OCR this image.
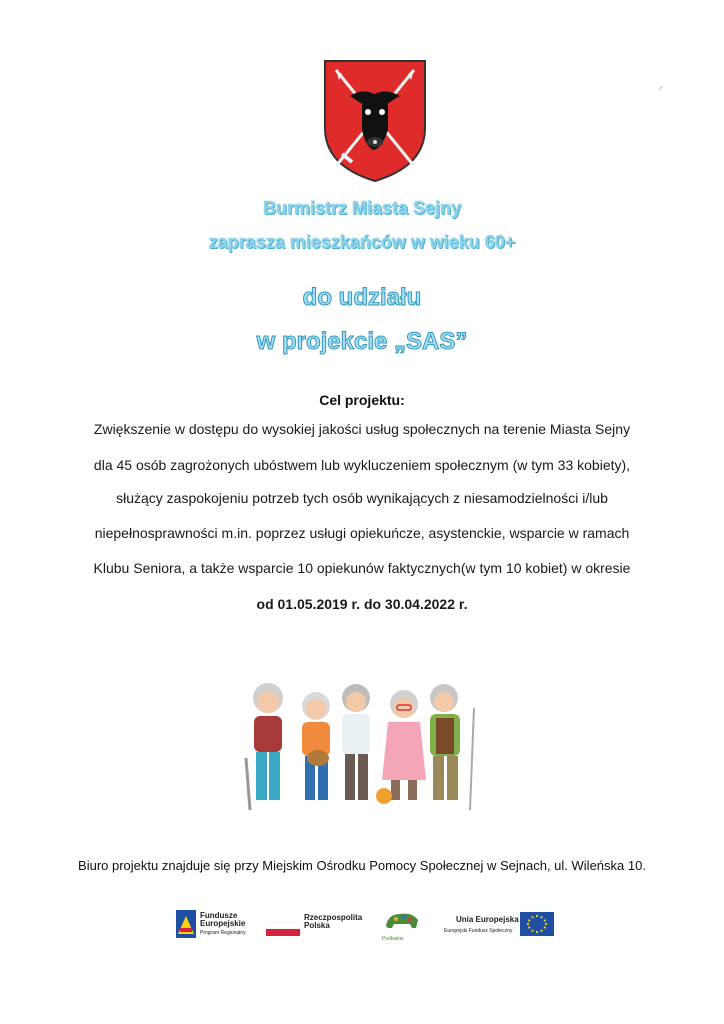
⸝
Burmistrz Miasta Sejny
zaprasza mieszkańców w wieku 60+
do udziału
w projekcie „SAS”
Cel projektu:
Zwiększenie w dostępu do wysokiej jakości usług społecznych na terenie Miasta Sejny
dla 45 osób zagrożonych ubóstwem lub wykluczeniem społecznym (w tym 33 kobiety),
służący zaspokojeniu potrzeb tych osób wynikających z niesamodzielności i/lub
niepełnosprawności m.in. poprzez usługi opiekuńcze, asystenckie, wsparcie w ramach
Klubu Seniora, a także wsparcie 10 opiekunów faktycznych(w tym 10 kobiet) w okresie
od 01.05.2019 r. do 30.04.2022 r.
Biuro projektu znajduje się przy Miejskim Ośrodku Pomocy Społecznej w Sejnach, ul. Wileńska 10.
Fundusze
Europejskie
Program Regionalny
Rzeczpospolita
Polska
Podlaskie
Unia Europejska
Europejski Fundusz Społeczny
